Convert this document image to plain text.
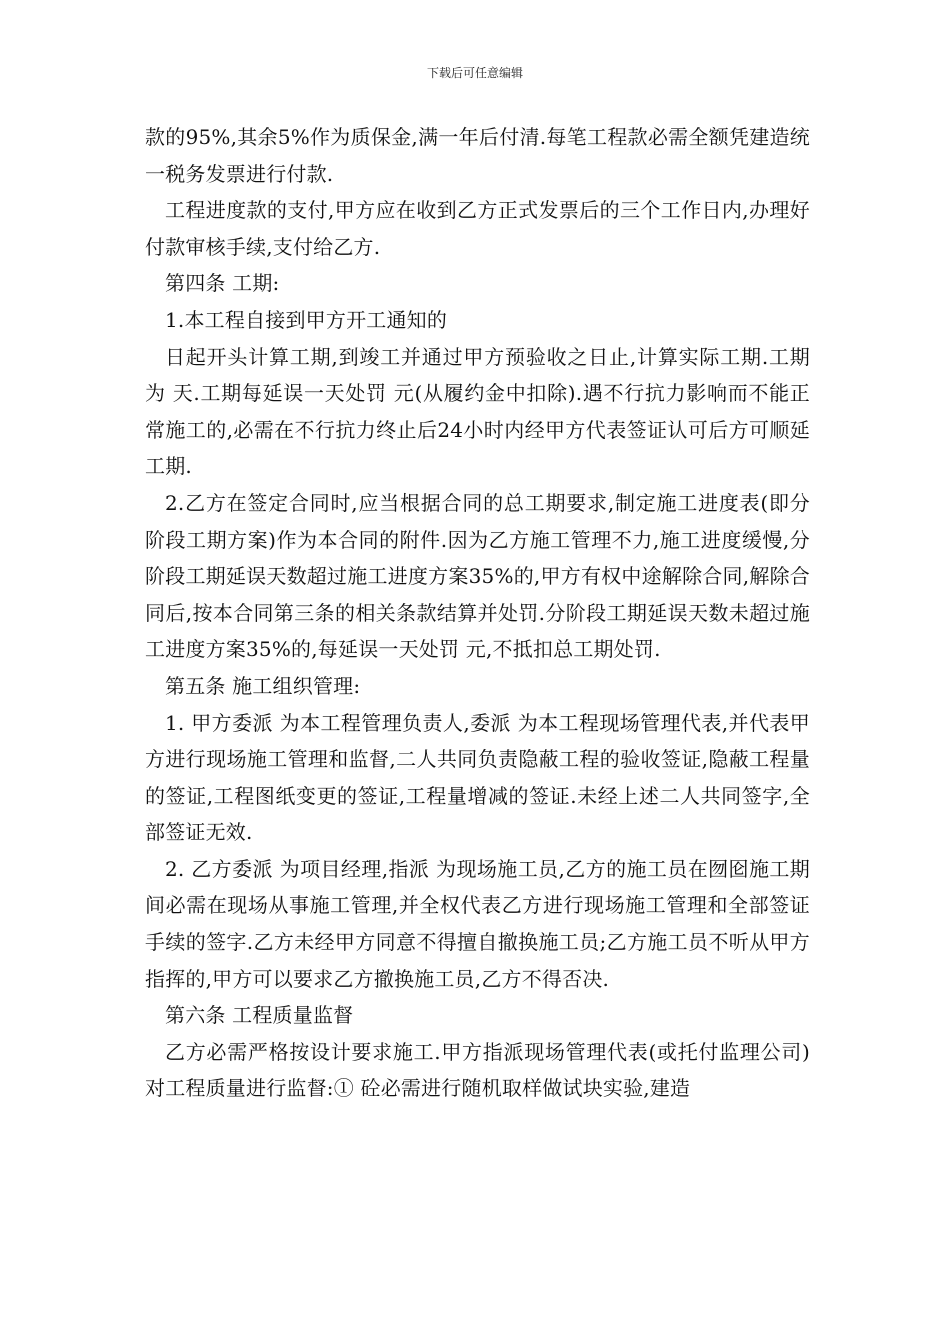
下载后可任意编辑

款的95%,其余5%作为质保金,满一年后付清.每笔工程款必需全额凭建造统一税务发票进行付款.

工程进度款的支付,甲方应在收到乙方正式发票后的三个工作日内,办理好付款审核手续,支付给乙方.

第四条 工期:

1.本工程自接到甲方开工通知的

日起开头计算工期,到竣工并通过甲方预验收之日止,计算实际工期.工期为 天.工期每延误一天处罚 元(从履约金中扣除).遇不行抗力影响而不能正常施工的,必需在不行抗力终止后24小时内经甲方代表签证认可后方可顺延工期.

2.乙方在签定合同时,应当根据合同的总工期要求,制定施工进度表(即分阶段工期方案)作为本合同的附件.因为乙方施工管理不力,施工进度缓慢,分阶段工期延误天数超过施工进度方案35%的,甲方有权中途解除合同,解除合同后,按本合同第三条的相关条款结算并处罚.分阶段工期延误天数未超过施工进度方案35%的,每延误一天处罚 元,不抵扣总工期处罚.

第五条 施工组织管理:

1. 甲方委派 为本工程管理负责人,委派 为本工程现场管理代表,并代表甲方进行现场施工管理和监督,二人共同负责隐蔽工程的验收签证,隐蔽工程量的签证,工程图纸变更的签证,工程量增减的签证.未经上述二人共同签字,全部签证无效.

2. 乙方委派 为项目经理,指派 为现场施工员,乙方的施工员在囫囵施工期间必需在现场从事施工管理,并全权代表乙方进行现场施工管理和全部签证手续的签字.乙方未经甲方同意不得擅自撤换施工员;乙方施工员不听从甲方指挥的,甲方可以要求乙方撤换施工员,乙方不得否决.

第六条 工程质量监督

乙方必需严格按设计要求施工.甲方指派现场管理代表(或托付监理公司)对工程质量进行监督:① 砼必需进行随机取样做试块实验,建造
